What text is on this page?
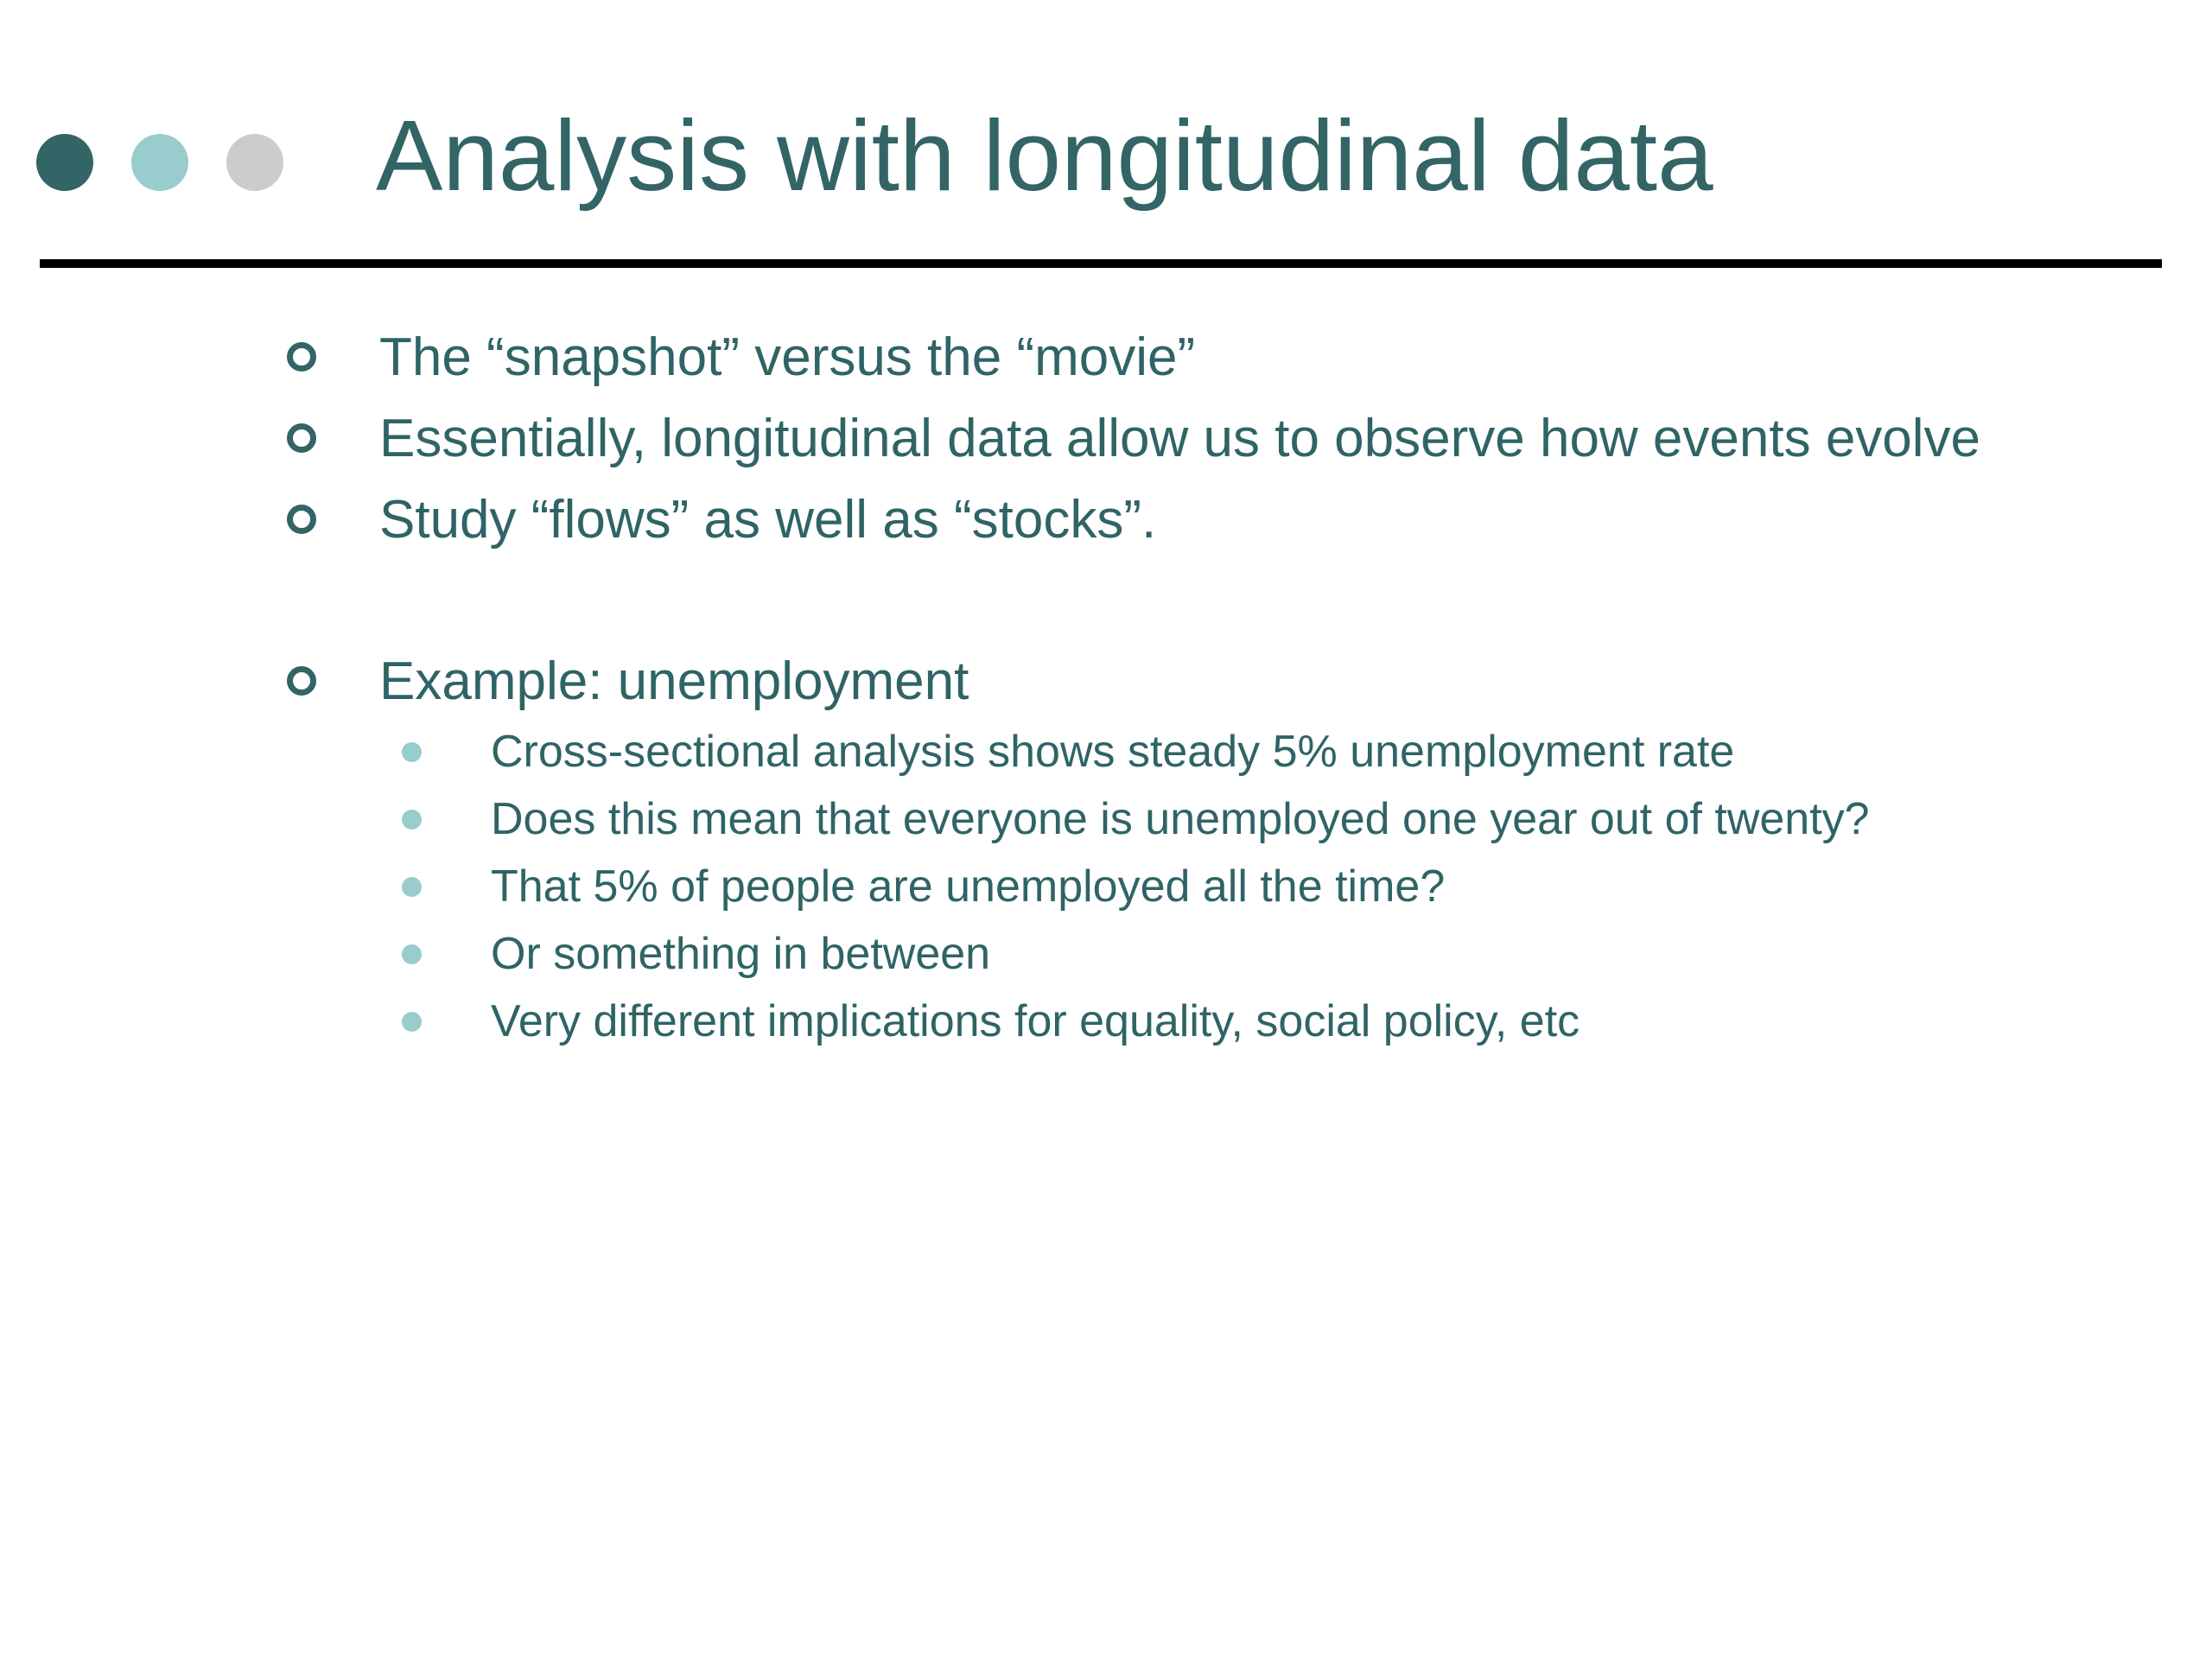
Analysis with longitudinal data
The “snapshot” versus the “movie”
Essentially, longitudinal data allow us to observe how events evolve
Study “flows” as well as “stocks”.
Example: unemployment
Cross-sectional analysis shows steady 5% unemployment rate
Does this mean that everyone is unemployed one year out of twenty?
That 5% of people are unemployed all the time?
Or something in between
Very different implications for equality, social policy, etc
